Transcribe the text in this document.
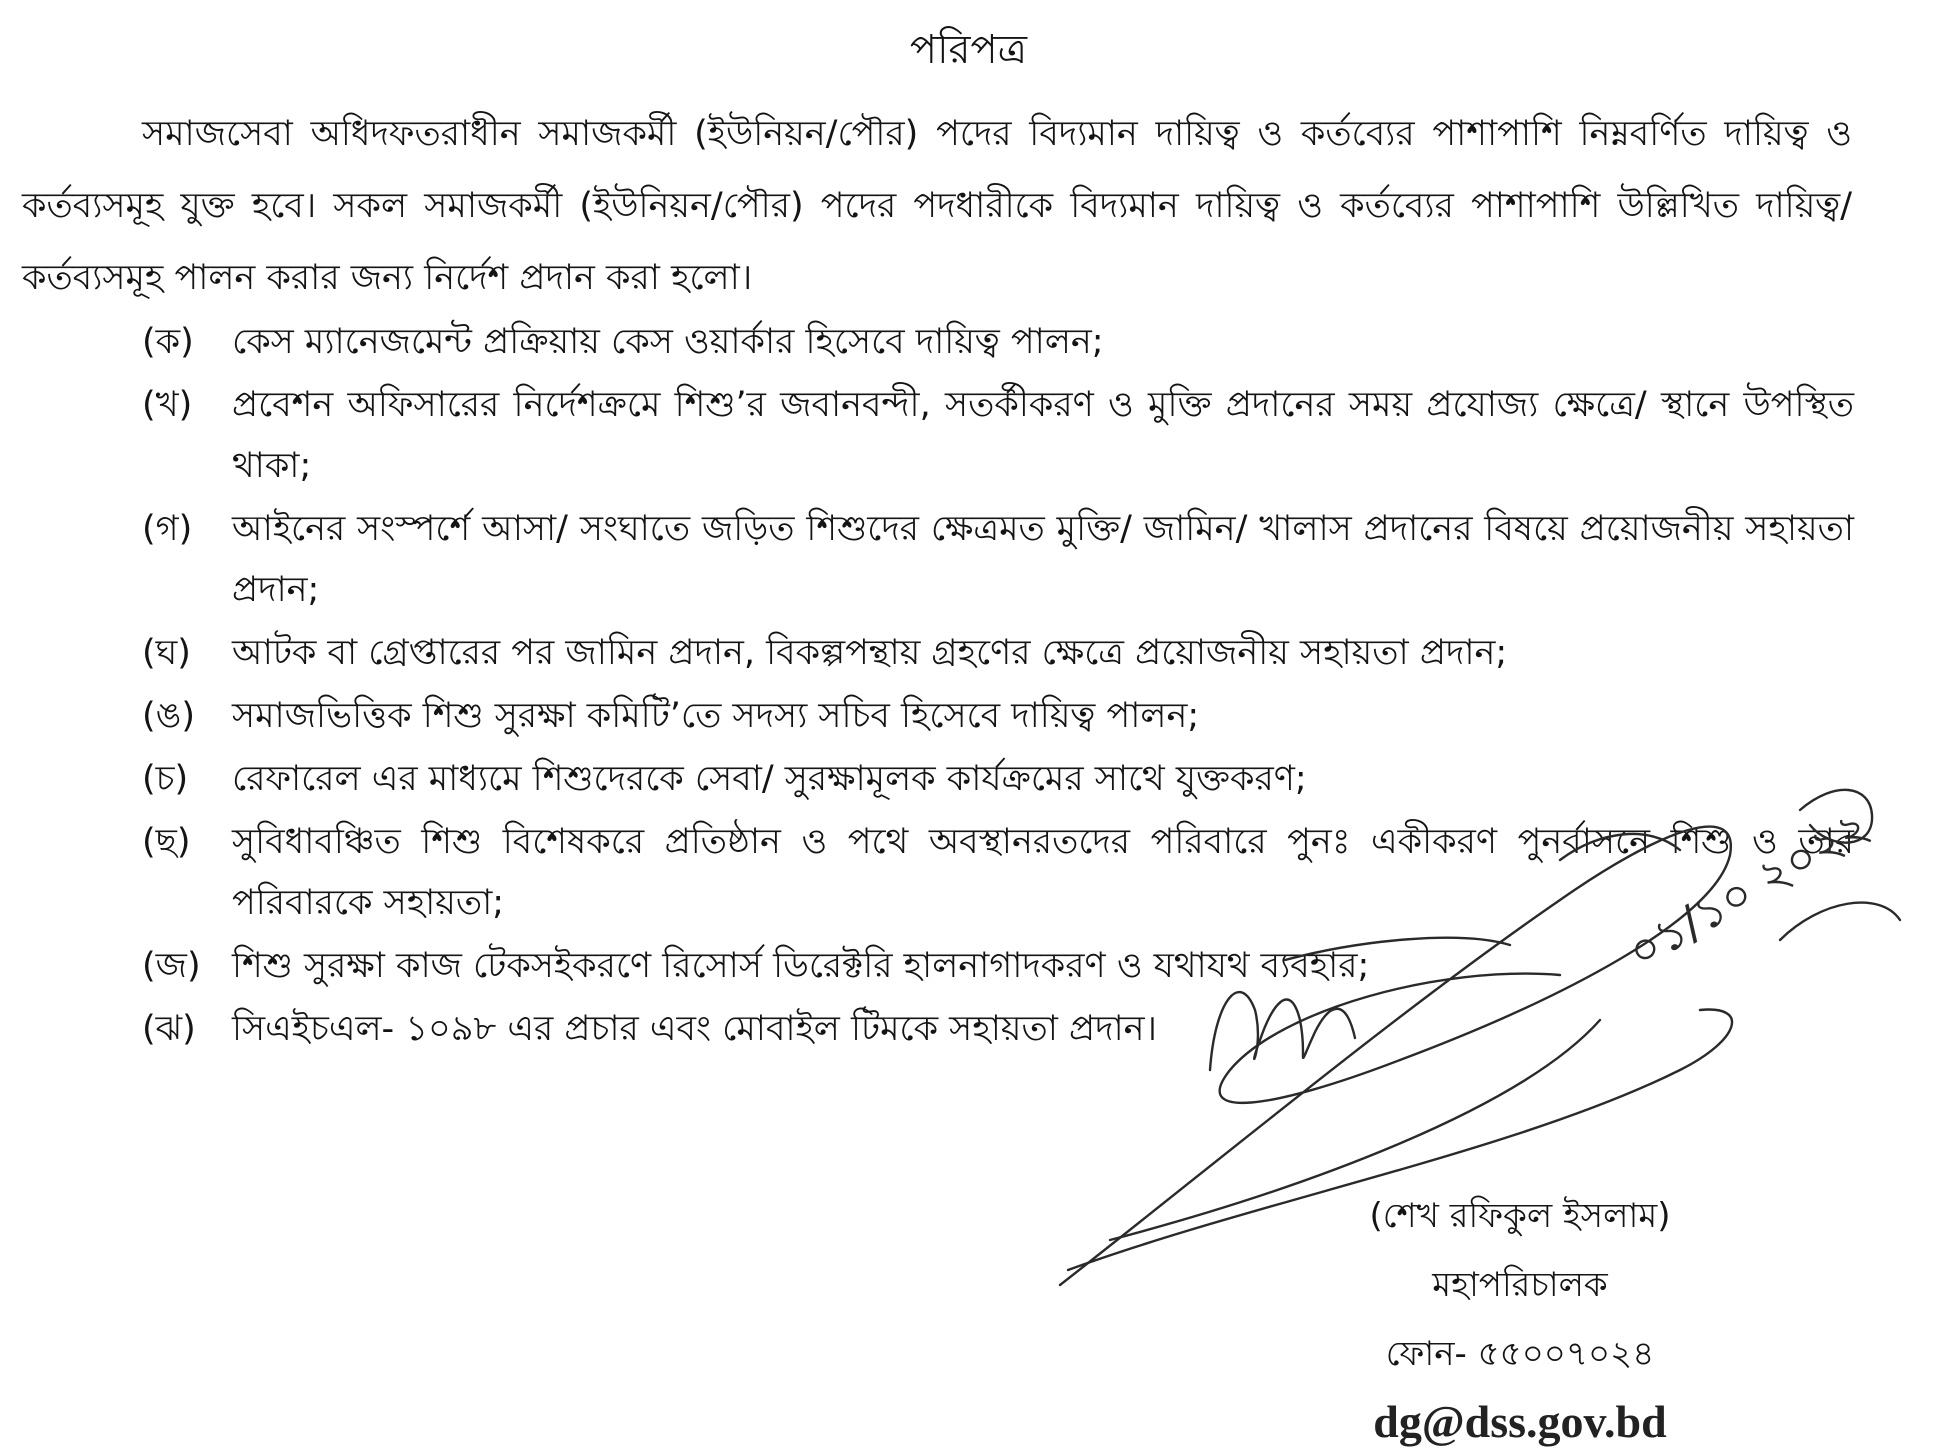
পরিপত্র
সমাজসেবা অধিদফতরাধীন সমাজকর্মী (ইউনিয়ন/পৌর) পদের বিদ্যমান দায়িত্ব ও কর্তব্যের পাশাপাশি নিম্নবর্ণিত দায়িত্ব ও কর্তব্যসমূহ যুক্ত হবে। সকল সমাজকর্মী (ইউনিয়ন/পৌর) পদের পদধারীকে বিদ্যমান দায়িত্ব ও কর্তব্যের পাশাপাশি উল্লিখিত দায়িত্ব/ কর্তব্যসমূহ পালন করার জন্য নির্দেশ প্রদান করা হলো।
(ক)	কেস ম্যানেজমেন্ট প্রক্রিয়ায় কেস ওয়ার্কার হিসেবে দায়িত্ব পালন;
(খ)	প্রবেশন অফিসারের নির্দেশক্রমে শিশু’র জবানবন্দী, সতর্কীকরণ ও মুক্তি প্রদানের সময় প্রযোজ্য ক্ষেত্রে/ স্থানে উপস্থিত থাকা;
(গ)	আইনের সংস্পর্শে আসা/ সংঘাতে জড়িত শিশুদের ক্ষেত্রমত মুক্তি/ জামিন/ খালাস প্রদানের বিষয়ে প্রয়োজনীয় সহায়তা প্রদান;
(ঘ)	আটক বা গ্রেপ্তারের পর জামিন প্রদান, বিকল্পপন্থায় গ্রহণের ক্ষেত্রে প্রয়োজনীয় সহায়তা প্রদান;
(ঙ)	সমাজভিত্তিক শিশু সুরক্ষা কমিটি’তে সদস্য সচিব হিসেবে দায়িত্ব পালন;
(চ)	রেফারেল এর মাধ্যমে শিশুদেরকে সেবা/ সুরক্ষামূলক কার্যক্রমের সাথে যুক্তকরণ;
(ছ)	সুবিধাবঞ্চিত শিশু বিশেষকরে প্রতিষ্ঠান ও পথে অবস্থানরতদের পরিবারে পুনঃ একীকরণ পুনর্বাসনে শিশু ও তার পরিবারকে সহায়তা;
(জ) শিশু সুরক্ষা কাজ টেকসইকরণে রিসোর্স ডিরেক্টরি হালনাগাদকরণ ও যথাযথ ব্যবহার;
(ঝ)	সিএইচএল- ১০৯৮ এর প্রচার এবং মোবাইল টিমকে সহায়তা প্রদান।
০১/১০ ২০২২
(শেখ রফিকুল ইসলাম)
মহাপরিচালক
ফোন- ৫৫০০৭০২৪
dg@dss.gov.bd
